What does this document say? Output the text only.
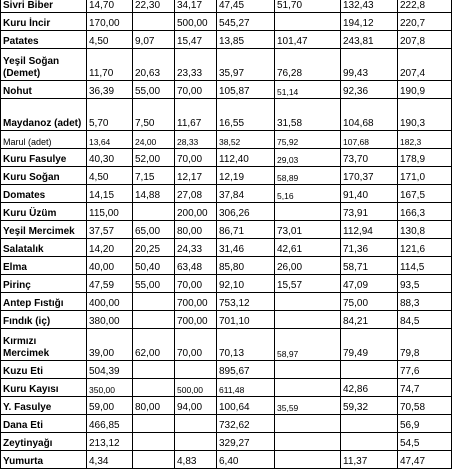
Sivri Biber	14,70	22,30	34,17	47,45	51,70	132,43	222,8
Kuru İncir	170,00		500,00	545,27		194,12	220,7
Patates	4,50	9,07	15,47	13,85	101,47	243,81	207,8
Yeşil Soğan (Demet)	11,70	20,63	23,33	35,97	76,28	99,43	207,4
Nohut	36,39	55,00	70,00	105,87	51,14	92,36	190,9
Maydanoz (adet)	5,70	7,50	11,67	16,55	31,58	104,68	190,3
Marul (adet)	13,64	24,00	28,33	38,52	75,92	107,68	182,3
Kuru Fasulye	40,30	52,00	70,00	112,40	29,03	73,70	178,9
Kuru Soğan	4,50	7,15	12,17	12,19	58,89	170,37	171,0
Domates	14,15	14,88	27,08	37,84	5,16	91,40	167,5
Kuru Üzüm	115,00		200,00	306,26		73,91	166,3
Yeşil Mercimek	37,57	65,00	80,00	86,71	73,01	112,94	130,8
Salatalık	14,20	20,25	24,33	31,46	42,61	71,36	121,6
Elma	40,00	50,40	63,48	85,80	26,00	58,71	114,5
Pirinç	47,59	55,00	70,00	92,10	15,57	47,09	93,5
Antep Fıstığı	400,00		700,00	753,12		75,00	88,3
Fındık (iç)	380,00		700,00	701,10		84,21	84,5
Kırmızı Mercimek	39,00	62,00	70,00	70,13	58,97	79,49	79,8
Kuzu Eti	504,39			895,67			77,6
Kuru Kayısı	350,00		500,00	611,48		42,86	74,7
Y. Fasulye	59,00	80,00	94,00	100,64	35,59	59,32	70,58
Dana Eti	466,85			732,62			56,9
Zeytinyağı	213,12			329,27			54,5
Yumurta	4,34		4,83	6,40		11,37	47,47
